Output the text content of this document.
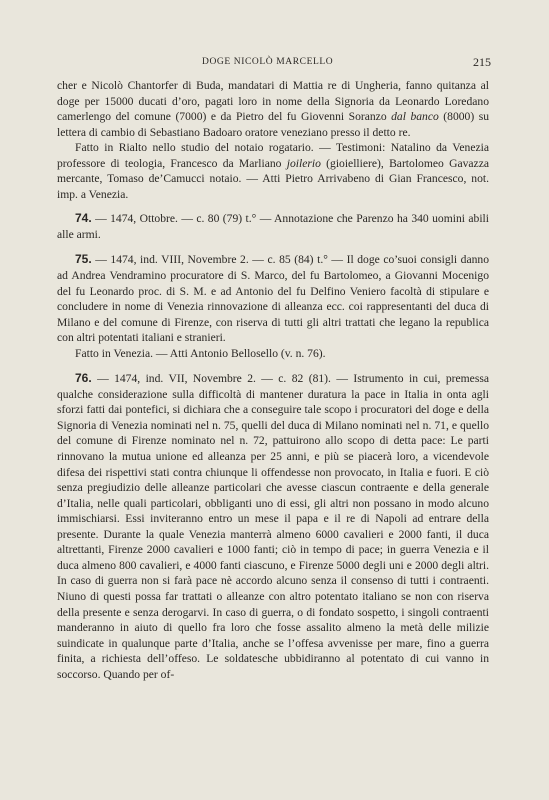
DOGE NICOLÒ MARCELLO	215

cher e Nicolò Chantorfer di Buda, mandatari di Mattia re di Ungheria, fanno quitanza al doge per 15000 ducati d’oro, pagati loro in nome della Signoria da Leonardo Loredano camerlengo del comune (7000) e da Pietro del fu Giovenni Soranzo dal banco (8000) su lettera di cambio di Sebastiano Badoaro oratore veneziano presso il detto re.

Fatto in Rialto nello studio del notaio rogatario. — Testimoni: Natalino da Venezia professore di teologia, Francesco da Marliano joilerio (gioielliere), Bartolomeo Gavazza mercante, Tomaso de’Camucci notaio. — Atti Pietro Arrivabeno di Gian Francesco, not. imp. a Venezia.

74. — 1474, Ottobre. — c. 80 (79) t.° — Annotazione che Parenzo ha 340 uomini abili alle armi.

75. — 1474, ind. VIII, Novembre 2. — c. 85 (84) t.° — Il doge co’suoi consigli danno ad Andrea Vendramino procuratore di S. Marco, del fu Bartolomeo, a Giovanni Mocenigo del fu Leonardo proc. di S. M. e ad Antonio del fu Delfino Veniero facoltà di stipulare e concludere in nome di Venezia rinnovazione di alleanza ecc. coi rappresentanti del duca di Milano e del comune di Firenze, con riserva di tutti gli altri trattati che legano la republica con altri potentati italiani e stranieri.

Fatto in Venezia. — Atti Antonio Bellosello (v. n. 76).

76. — 1474, ind. VII, Novembre 2. — c. 82 (81). — Istrumento in cui, premessa qualche considerazione sulla difficoltà di mantener duratura la pace in Italia in onta agli sforzi fatti dai pontefici, si dichiara che a conseguire tale scopo i procuratori del doge e della Signoria di Venezia nominati nel n. 75, quelli del duca di Milano nominati nel n. 71, e quello del comune di Firenze nominato nel n. 72, pattuirono allo scopo di detta pace: Le parti rinnovano la mutua unione ed alleanza per 25 anni, e più se piacerà loro, a vicendevole difesa dei rispettivi stati contra chiunque li offendesse non provocato, in Italia e fuori. E ciò senza pregiudizio delle alleanze particolari che avesse ciascun contraente e della generale d’Italia, nelle quali particolari, obbliganti uno di essi, gli altri non possano in modo alcuno immischiarsi. Essi inviteranno entro un mese il papa e il re di Napoli ad entrare della presente. Durante la quale Venezia manterrà almeno 6000 cavalieri e 2000 fanti, il duca altrettanti, Firenze 2000 cavalieri e 1000 fanti; ciò in tempo di pace; in guerra Venezia e il duca almeno 800 cavalieri, e 4000 fanti ciascuno, e Firenze 5000 degli uni e 2000 degli altri. In caso di guerra non si farà pace nè accordo alcuno senza il consenso di tutti i contraenti. Niuno di questi possa far trattati o alleanze con altro potentato italiano se non con riserva della presente e senza derogarvi. In caso di guerra, o di fondato sospetto, i singoli contraenti manderanno in aiuto di quello fra loro che fosse assalito almeno la metà delle milizie suindicate in qualunque parte d’Italia, anche se l’offesa avvenisse per mare, fino a guerra finita, a richiesta dell’offeso. Le soldatesche ubbidiranno al potentato di cui vanno in soccorso. Quando per of-
